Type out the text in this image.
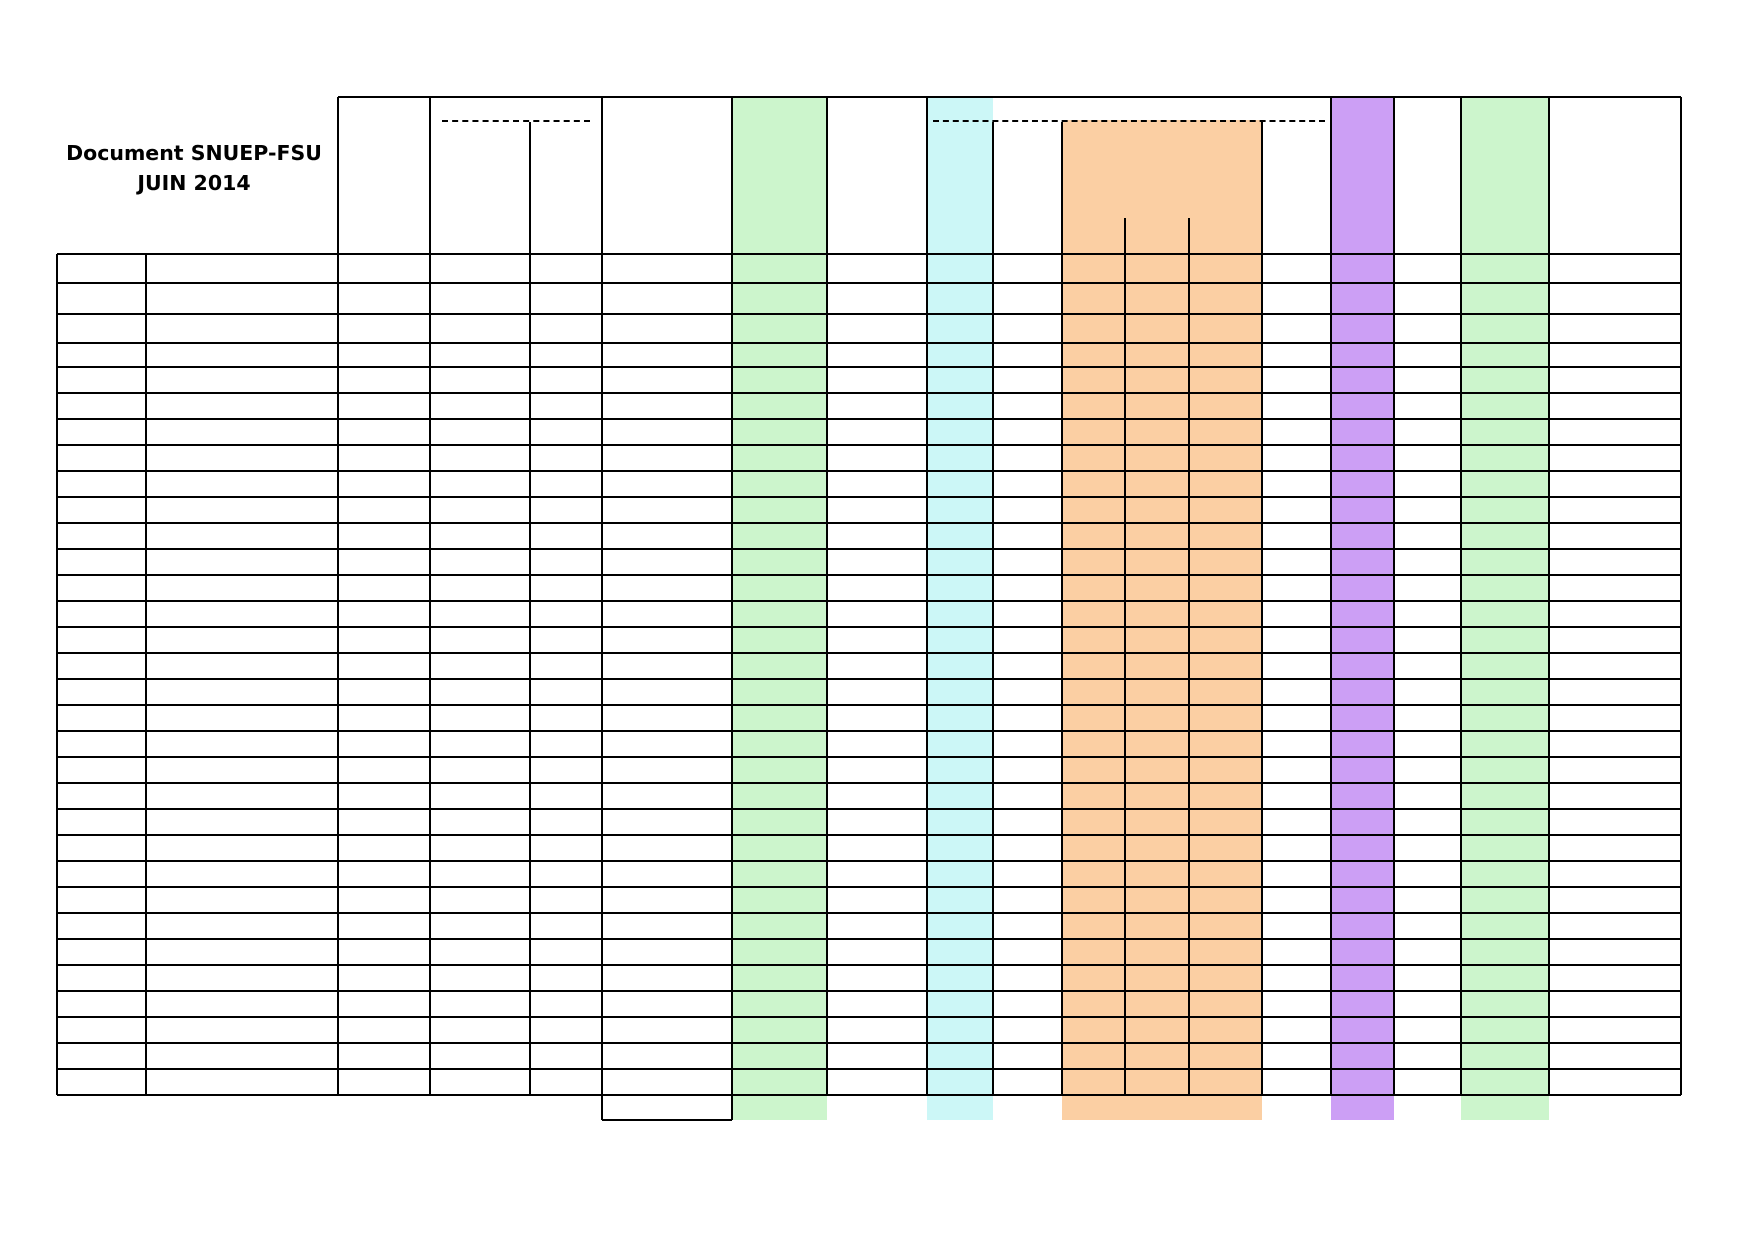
Document SNUEP-FSU
JUIN 2014
